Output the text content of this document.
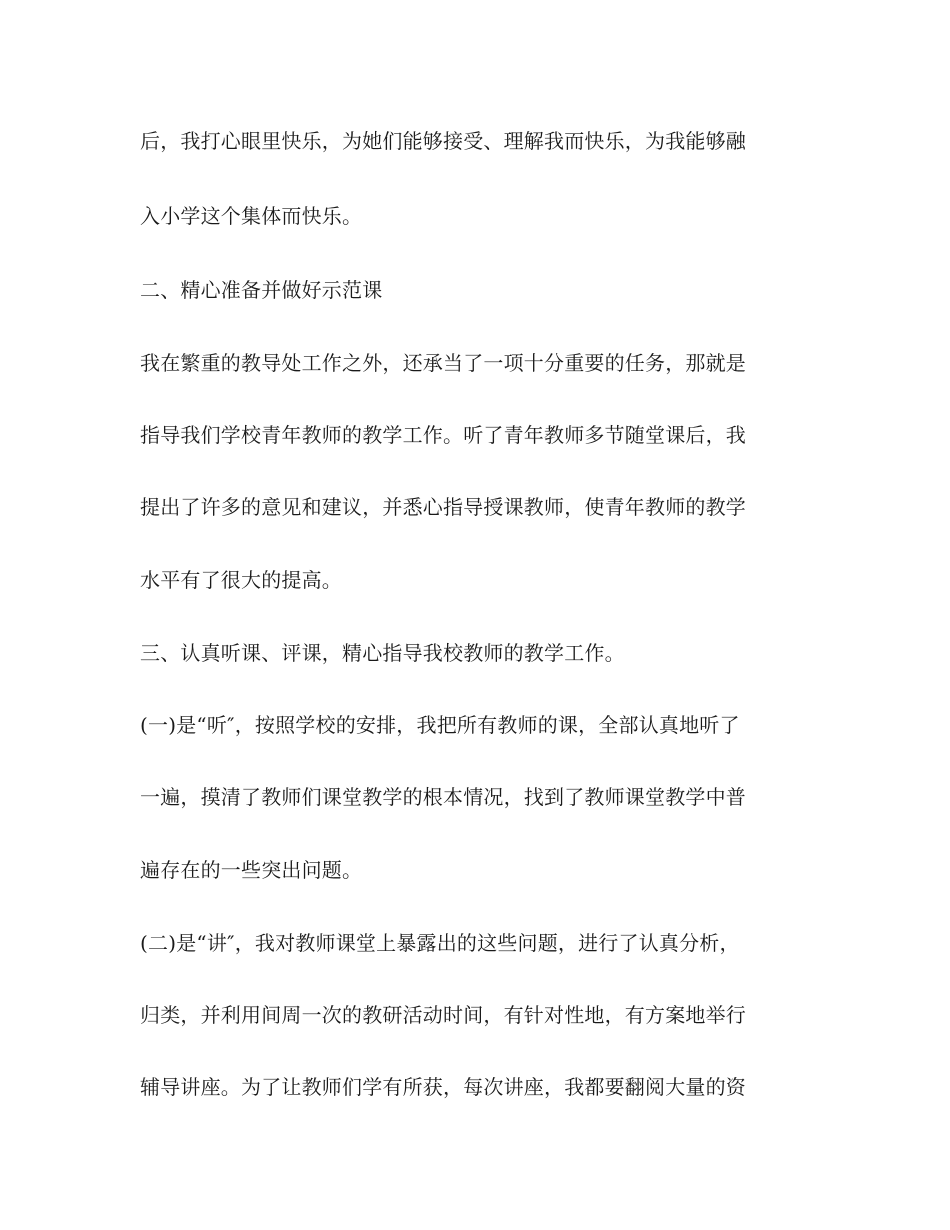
后，我打心眼里快乐，为她们能够接受、理解我而快乐，为我能够融
入小学这个集体而快乐。
二、精心准备并做好示范课
我在繁重的教导处工作之外，还承当了一项十分重要的任务，那就是
指导我们学校青年教师的教学工作。听了青年教师多节随堂课后，我
提出了许多的意见和建议，并悉心指导授课教师，使青年教师的教学
水平有了很大的提高。
三、认真听课、评课，精心指导我校教师的教学工作。
(一)是“听″，按照学校的安排，我把所有教师的课，全部认真地听了
一遍，摸清了教师们课堂教学的根本情况，找到了教师课堂教学中普
遍存在的一些突出问题。
(二)是“讲″，我对教师课堂上暴露出的这些问题，进行了认真分析，
归类，并利用间周一次的教研活动时间，有针对性地，有方案地举行
辅导讲座。为了让教师们学有所获，每次讲座，我都要翻阅大量的资
